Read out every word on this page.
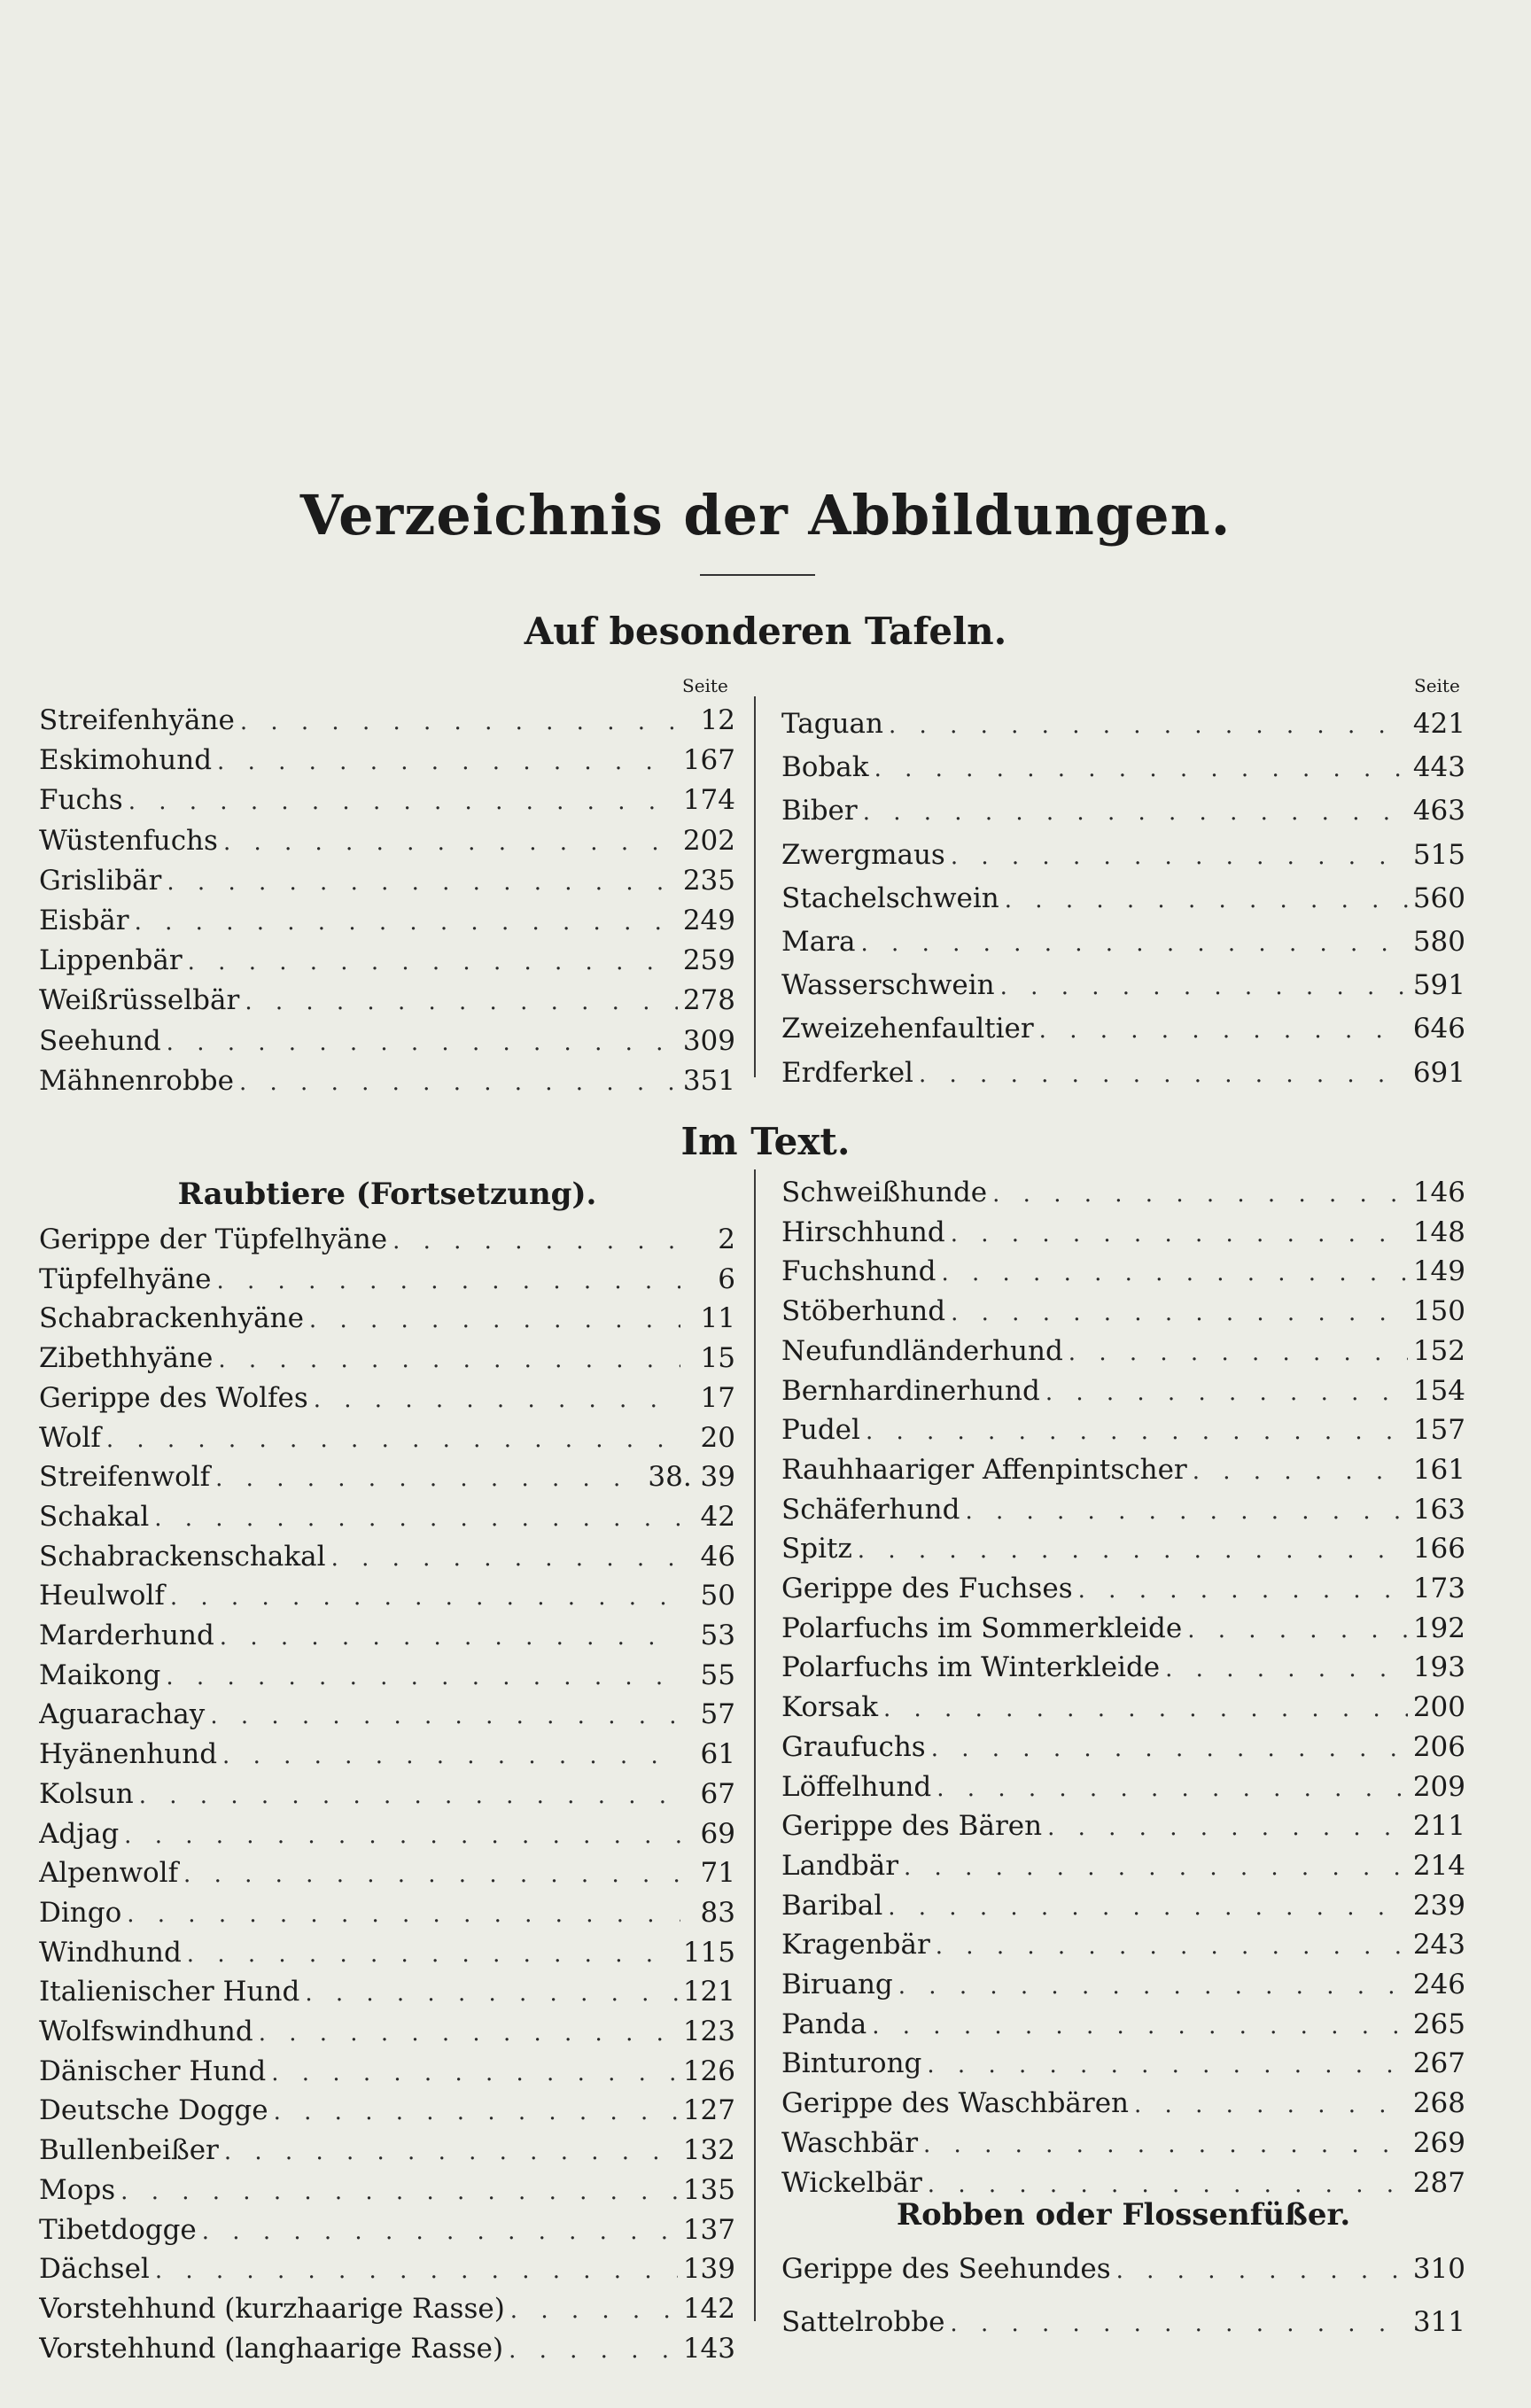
Verzeichnis der Abbildungen.
Auf besonderen Tafeln.
Seite	Seite
Streifenhyäne . . .	12
Eskimohund . . .	167
Fuchs . . .	174
Wüstenfuchs . . .	202
Grislibär . . .	235
Eisbär . . .	249
Lippenbär . . .	259
Weißrüsselbär . . .	278
Seehund . . .	309
Mähnenrobbe . . .	351
Taguan . . .	421
Bobak . . .	443
Biber . . .	463
Zwergmaus . . .	515
Stachelschwein . . .	560
Mara . . .	580
Wasserschwein . . .	591
Zweizehenfaultier . . .	646
Erdferkel . . .	691
Im Text.
Raubtiere (Fortsetzung).
Gerippe der Tüpfelhyäne . . .	2
Tüpfelhyäne . . .	6
Schabrackenhyäne . . .	11
Zibethhyäne . . .	15
Gerippe des Wolfes . . .	17
Wolf . . .	20
Streifenwolf . . .	38. 39
Schakal . . .	42
Schabrackenschakal . . .	46
Heulwolf . . .	50
Marderhund . . .	53
Maikong . . .	55
Aguarachay . . .	57
Hyänenhund . . .	61
Kolsun . . .	67
Adjag . . .	69
Alpenwolf . . .	71
Dingo . . .	83
Windhund . . .	115
Italienischer Hund . . .	121
Wolfswindhund . . .	123
Dänischer Hund . . .	126
Deutsche Dogge . . .	127
Bullenbeißer . . .	132
Mops . . .	135
Tibetdogge . . .	137
Dächsel . . .	139
Vorstehhund (kurzhaarige Rasse) . . .	142
Vorstehhund (langhaarige Rasse) . . .	143
Schweißhunde . . .	146
Hirschhund . . .	148
Fuchshund . . .	149
Stöberhund . . .	150
Neufundländerhund . . .	152
Bernhardinerhund . . .	154
Pudel . . .	157
Rauhhaariger Affenpintscher . . .	161
Schäferhund . . .	163
Spitz . . .	166
Gerippe des Fuchses . . .	173
Polarfuchs im Sommerkleide . . .	192
Polarfuchs im Winterkleide . . .	193
Korsak . . .	200
Graufuchs . . .	206
Löffelhund . . .	209
Gerippe des Bären . . .	211
Landbär . . .	214
Baribal . . .	239
Kragenbär . . .	243
Biruang . . .	246
Panda . . .	265
Binturong . . .	267
Gerippe des Waschbären . . .	268
Waschbär . . .	269
Wickelbär . . .	287
Robben oder Flossenfüßer.
Gerippe des Seehundes . . .	310
Sattelrobbe . . .	311
